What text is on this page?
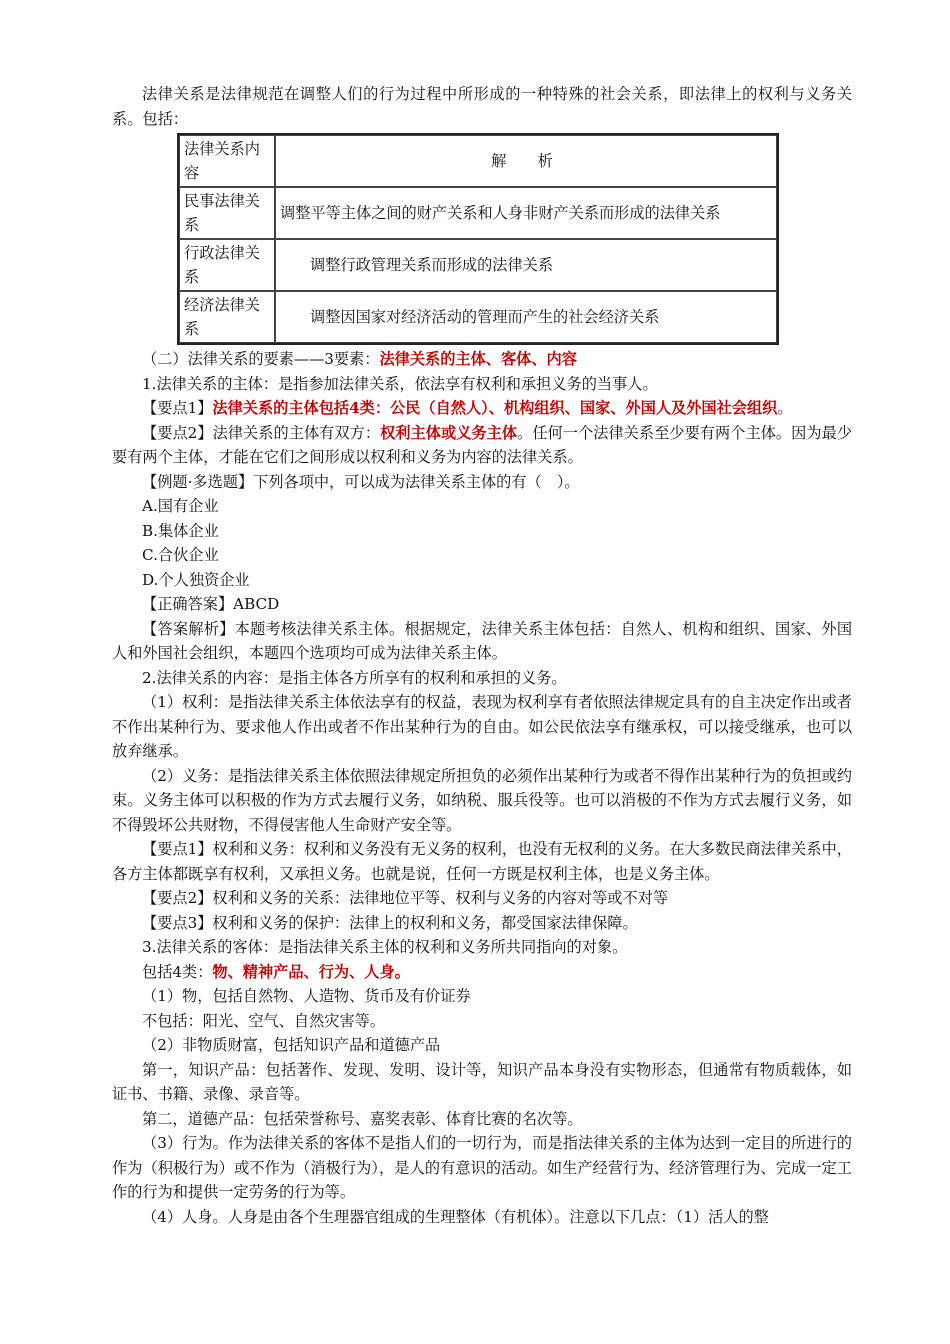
法律关系是法律规范在调整人们的行为过程中所形成的一种特殊的社会关系，即法律上的权利与义务关系。包括：

法律关系内容	解　析
民事法律关系	调整平等主体之间的财产关系和人身非财产关系而形成的法律关系
行政法律关系	调整行政管理关系而形成的法律关系
经济法律关系	调整因国家对经济活动的管理而产生的社会经济关系

（二）法律关系的要素——3要素：法律关系的主体、客体、内容

1.法律关系的主体：是指参加法律关系，依法享有权利和承担义务的当事人。

【要点1】法律关系的主体包括4类：公民（自然人）、机构组织、国家、外国人及外国社会组织。

【要点2】法律关系的主体有双方：权利主体或义务主体。任何一个法律关系至少要有两个主体。因为最少要有两个主体，才能在它们之间形成以权利和义务为内容的法律关系。

【例题·多选题】下列各项中，可以成为法律关系主体的有（　）。

A.国有企业

B.集体企业

C.合伙企业

D.个人独资企业

【正确答案】ABCD

【答案解析】本题考核法律关系主体。根据规定，法律关系主体包括：自然人、机构和组织、国家、外国人和外国社会组织，本题四个选项均可成为法律关系主体。

2.法律关系的内容：是指主体各方所享有的权利和承担的义务。

（1）权利：是指法律关系主体依法享有的权益，表现为权利享有者依照法律规定具有的自主决定作出或者不作出某种行为、要求他人作出或者不作出某种行为的自由。如公民依法享有继承权，可以接受继承，也可以放弃继承。

（2）义务：是指法律关系主体依照法律规定所担负的必须作出某种行为或者不得作出某种行为的负担或约束。义务主体可以积极的作为方式去履行义务，如纳税、服兵役等。也可以消极的不作为方式去履行义务，如不得毁坏公共财物，不得侵害他人生命财产安全等。

【要点1】权利和义务：权利和义务没有无义务的权利，也没有无权利的义务。在大多数民商法律关系中，各方主体都既享有权利，又承担义务。也就是说，任何一方既是权利主体，也是义务主体。

【要点2】权利和义务的关系：法律地位平等、权利与义务的内容对等或不对等

【要点3】权利和义务的保护：法律上的权利和义务，都受国家法律保障。

3.法律关系的客体：是指法律关系主体的权利和义务所共同指向的对象。

包括4类：物、精神产品、行为、人身。

（1）物，包括自然物、人造物、货币及有价证券

不包括：阳光、空气、自然灾害等。

（2）非物质财富，包括知识产品和道德产品

第一，知识产品：包括著作、发现、发明、设计等，知识产品本身没有实物形态，但通常有物质载体，如证书、书籍、录像、录音等。

第二，道德产品：包括荣誉称号、嘉奖表彰、体育比赛的名次等。

（3）行为。作为法律关系的客体不是指人们的一切行为，而是指法律关系的主体为达到一定目的所进行的作为（积极行为）或不作为（消极行为），是人的有意识的活动。如生产经营行为、经济管理行为、完成一定工作的行为和提供一定劳务的行为等。

（4）人身。人身是由各个生理器官组成的生理整体（有机体）。注意以下几点：（1）活人的整
